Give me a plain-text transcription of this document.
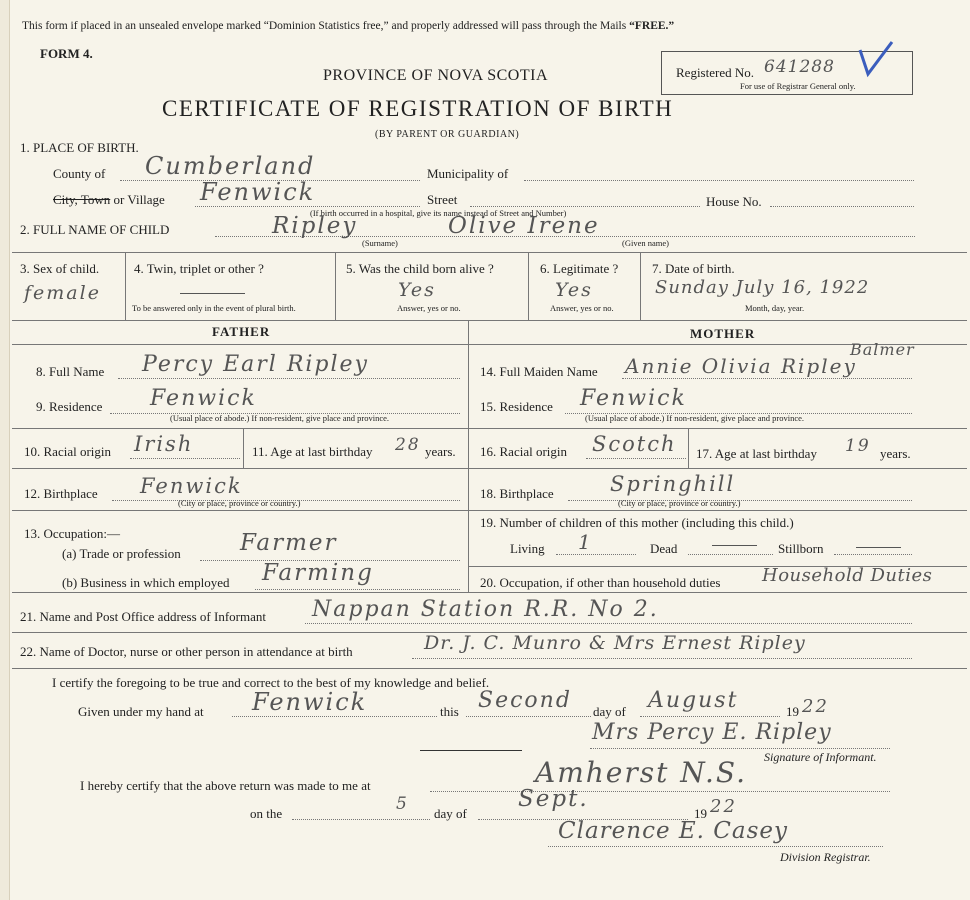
This form if placed in an unsealed envelope marked “Dominion Statistics free,” and properly addressed will pass through the Mails “FREE.”
FORM 4.
Registered No. 641288
For use of Registrar General only.
PROVINCE OF NOVA SCOTIA
CERTIFICATE OF REGISTRATION OF BIRTH
(BY PARENT OR GUARDIAN)
1. PLACE OF BIRTH.
County of Cumberland	Municipality of
City, Town or Village Fenwick	Street	House No.
(If birth occurred in a hospital, give its name instead of Street and Number)
2. FULL NAME OF CHILD	Ripley	Olive Irene
(Surname)	(Given name)
3. Sex of child.
female
4. Twin, triplet or other ?
To be answered only in the event of plural birth.
5. Was the child born alive ?
Yes
Answer, yes or no.
6. Legitimate ?
Yes
Answer, yes or no.
7. Date of birth.
Sunday July 16, 1922
Month, day, year.
FATHER	MOTHER
8. Full Name Percy Earl Ripley
9. Residence Fenwick
(Usual place of abode.) If non-resident, give place and province.
10. Racial origin Irish	11. Age at last birthday 28 years.
12. Birthplace Fenwick
(City or place, province or country.)
13. Occupation:—
(a) Trade or profession	Farmer
(b) Business in which employed Farming
14. Full Maiden Name Annie Olivia Ripley
Balmer
15. Residence Fenwick
(Usual place of abode.) If non-resident, give place and province.
16. Racial origin Scotch 17. Age at last birthday 19 years.
18. Birthplace	Springhill
(City or place, province or country.)
19. Number of children of this mother (including this child.)
Living 1	Dead	Stillborn
20. Occupation, if other than household duties Household Duties
21. Name and Post Office address of Informant Nappan Station R.R. No 2.
22. Name of Doctor, nurse or other person in attendance at birth	Dr. J. C. Munro & Mrs Ernest Ripley
I certify the foregoing to be true and correct to the best of my knowledge and belief.
Given under my hand at Fenwick	this Second day of August	19 22
Mrs Percy E. Ripley
Signature of Informant.
I hereby certify that the above return was made to me at	Amherst N.S.
on the	5 day of
Sept.
19 22
Clarence E. Casey
Division Registrar.
